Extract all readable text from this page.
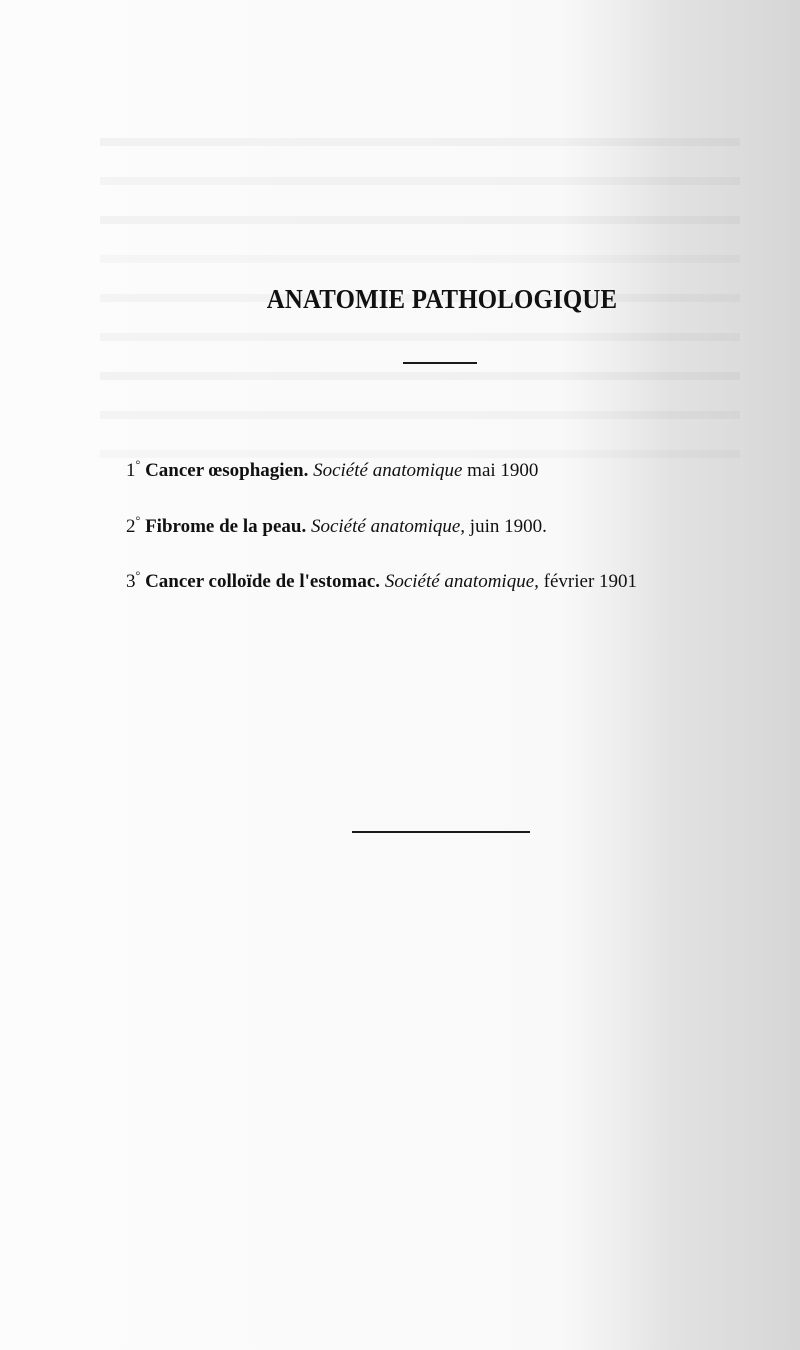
ANATOMIE PATHOLOGIQUE
1° Cancer œsophagien. Société anatomique mai 1900
2° Fibrome de la peau. Société anatomique, juin 1900.
3° Cancer colloïde de l'estomac. Société anatomique, février 1901
